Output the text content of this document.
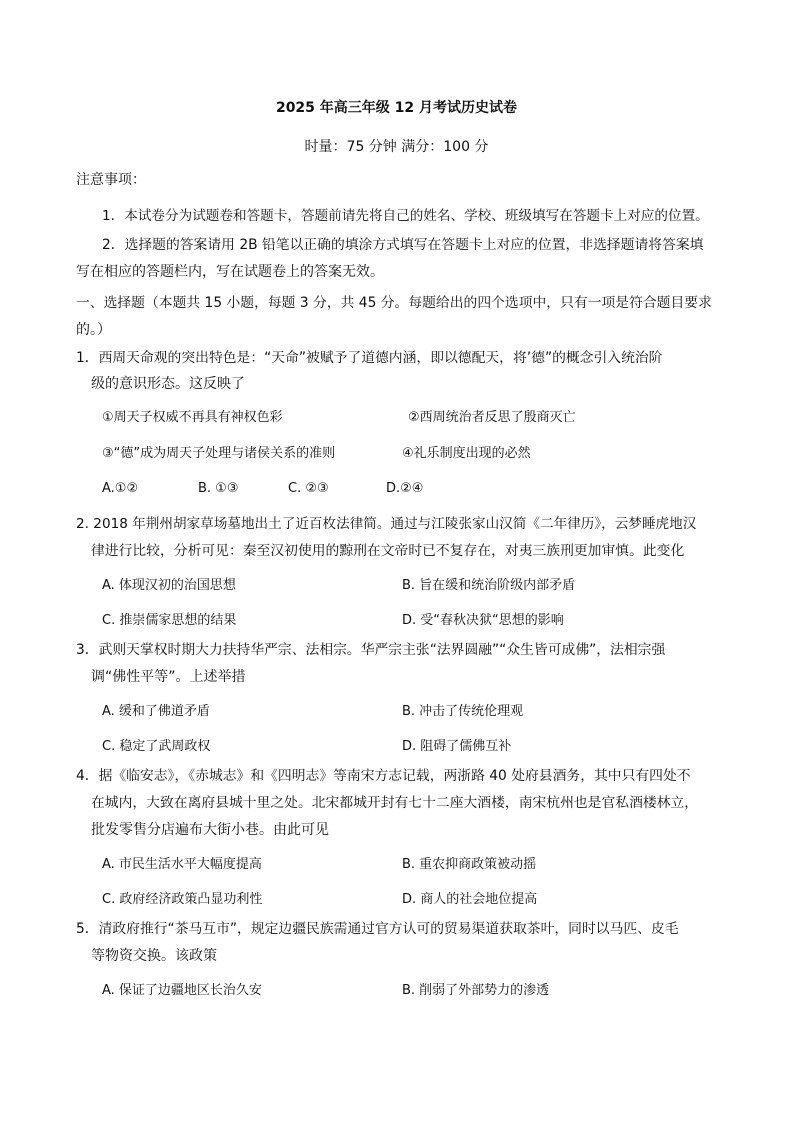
2025 年高三年级 12 月考试历史试卷
时量：75 分钟 满分：100 分
注意事项：
1．本试卷分为试题卷和答题卡，答题前请先将自己的姓名、学校、班级填写在答题卡上对应的位置。
2．选择题的答案请用 2B 铅笔以正确的填涂方式填写在答题卡上对应的位置，非选择题请将答案填
写在相应的答题栏内，写在试题卷上的答案无效。
一、选择题（本题共 15 小题，每题 3 分，共 45 分。每题给出的四个选项中，只有一项是符合题目要求
的。）
1．西周天命观的突出特色是：“天命”被赋予了道德内涵，即以德配天，将’德”的概念引入统治阶
级的意识形态。这反映了
①周天子权威不再具有神权色彩	②西周统治者反思了殷商灭亡
③“德”成为周天子处理与诸侯关系的准则	④礼乐制度出现的必然
A.①②	B. ①③	C. ②③	D.②④
2. 2018 年荆州胡家草场墓地出土了近百枚法律简。通过与江陵张家山汉简《二年律历》，云梦睡虎地汉
律进行比较，分析可见：秦至汉初使用的黥刑在文帝时已不复存在，对夷三族刑更加审慎。此变化
A. 体现汉初的治国思想	B. 旨在缓和统治阶级内部矛盾
C. 推崇儒家思想的结果	D. 受“春秋决狱“思想的影响
3．武则天掌权时期大力扶持华严宗、法相宗。华严宗主张“法界圆融”“众生皆可成佛”，法相宗强
调“佛性平等”。上述举措
A. 缓和了佛道矛盾	B. 冲击了传统伦理观
C. 稳定了武周政权	D. 阻碍了儒佛互补
4．据《临安志》，《赤城志》和《四明志》等南宋方志记载，两浙路 40 处府县酒务，其中只有四处不
在城内，大致在离府县城十里之处。北宋都城开封有七十二座大酒楼，南宋杭州也是官私酒楼林立，
批发零售分店遍布大街小巷。由此可见
A. 市民生活水平大幅度提高	B. 重农抑商政策被动摇
C. 政府经济政策凸显功利性	D. 商人的社会地位提高
5．清政府推行“茶马互市”，规定边疆民族需通过官方认可的贸易渠道获取茶叶，同时以马匹、皮毛
等物资交换。该政策
A. 保证了边疆地区长治久安	B. 削弱了外部势力的渗透
